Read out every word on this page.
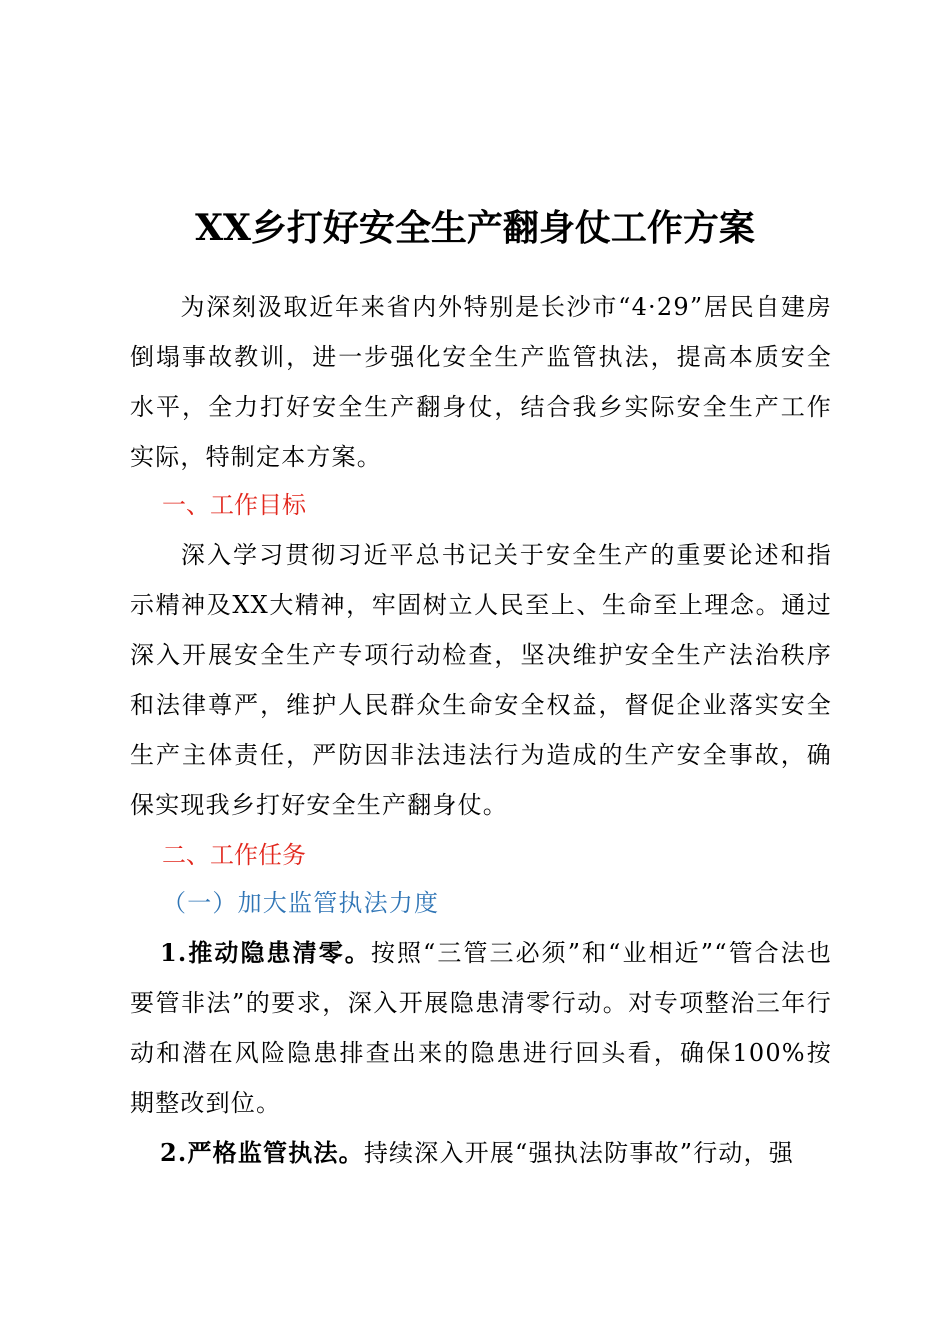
XX乡打好安全生产翻身仗工作方案

为深刻汲取近年来省内外特别是长沙市“4·29”居民自建房倒塌事故教训，进一步强化安全生产监管执法，提高本质安全水平，全力打好安全生产翻身仗，结合我乡实际安全生产工作实际，特制定本方案。

一、工作目标

深入学习贯彻习近平总书记关于安全生产的重要论述和指示精神及XX大精神，牢固树立人民至上、生命至上理念。通过深入开展安全生产专项行动检查，坚决维护安全生产法治秩序和法律尊严，维护人民群众生命安全权益，督促企业落实安全生产主体责任，严防因非法违法行为造成的生产安全事故，确保实现我乡打好安全生产翻身仗。

二、工作任务
（一）加大监管执法力度

1.推动隐患清零。按照“三管三必须”和“业相近”“管合法也要管非法”的要求，深入开展隐患清零行动。对专项整治三年行动和潜在风险隐患排查出来的隐患进行回头看，确保100%按期整改到位。

2.严格监管执法。持续深入开展“强执法防事故”行动，强
